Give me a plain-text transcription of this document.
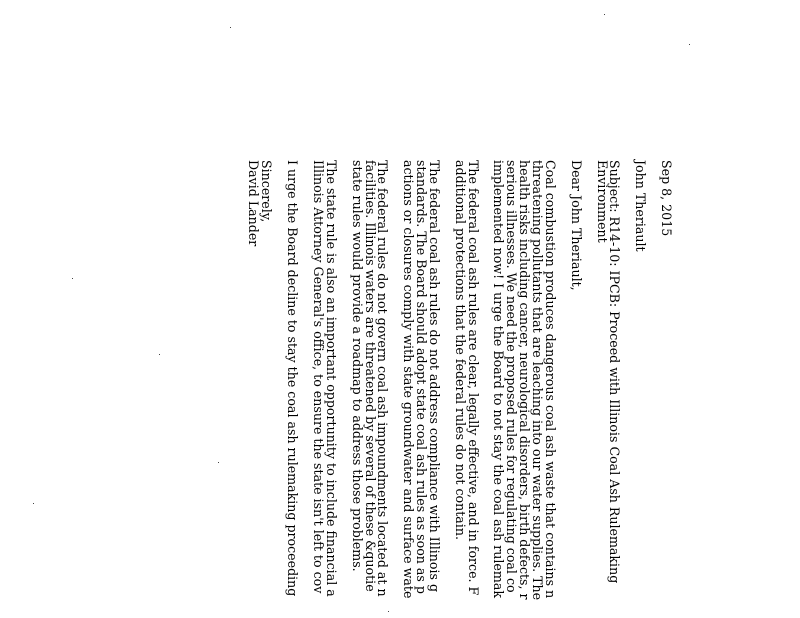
Sep 8, 2015
John Theriault
Subject: R14-10: IPCB: Proceed with Illinois Coal Ash Rulemaking
Environment
Dear John Theriault,
Coal combustion produces dangerous coal ash waste that contains n
threatening pollutants that are leaching into our water supplies. The
health risks including cancer, neurological disorders, birth defects, r
serious illnesses. We need the proposed rules for regulating coal co
implemented now! I urge the Board to not stay the coal ash rulemak
The federal coal ash rules are clear, legally effective, and in force. F
additional protections that the federal rules do not contain.
The federal coal ash rules do not address compliance with Illinois g
standards. The Board should adopt state coal ash rules as soon as p
actions or closures comply with state groundwater and surface wate
The federal rules do not govern coal ash impoundments located at n
facilities. Illinois waters are threatened by several of these &quotie
state rules would provide a roadmap to address those problems.
The state rule is also an important opportunity to include financial a
Illinois Attorney General's office, to ensure the state isn't left to cov
I urge the Board decline to stay the coal ash rulemaking proceeding
Sincerely,
David Lander
